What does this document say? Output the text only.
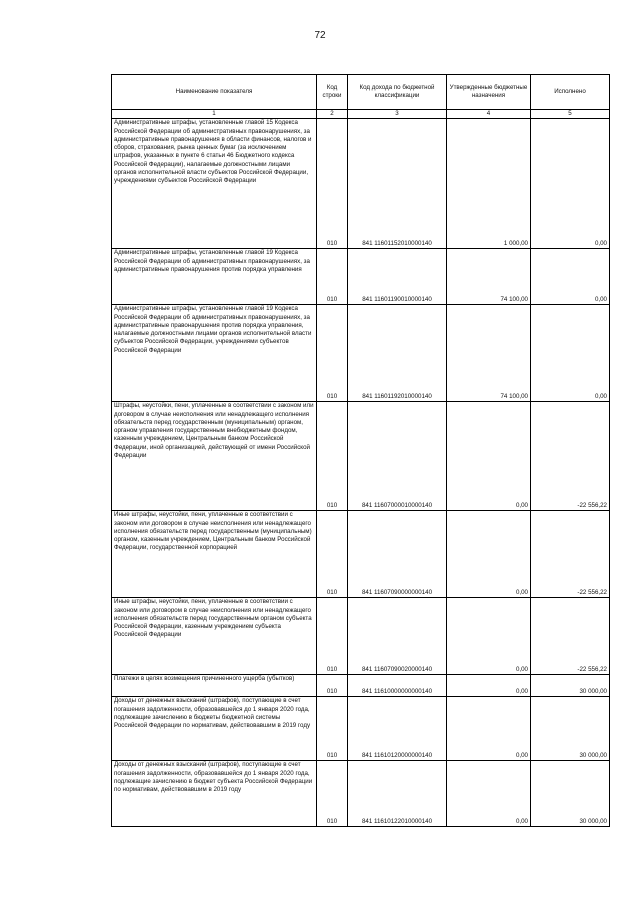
72
Наименование показателя	Код строки	Код дохода по бюджетной классификации	Утвержденные бюджетные назначения	Исполнено
1	2	3	4	5
Административные штрафы, установленные главой 15 Кодекса Российской Федерации об административных правонарушениях, за административные правонарушения в области финансов, налогов и сборов, страхования, рынка ценных бумаг (за исключением штрафов, указанных в пункте 6 статьи 46 Бюджетного кодекса Российской Федерации), налагаемые должностными лицами органов исполнительной власти субъектов Российской Федерации, учреждениями субъектов Российской Федерации	010	841 11601152010000140	1 000,00	0,00
Административные штрафы, установленные главой 19 Кодекса Российской Федерации об административных правонарушениях, за административные правонарушения против порядка управления	010	841 11601190010000140	74 100,00	0,00
Административные штрафы, установленные главой 19 Кодекса Российской Федерации об административных правонарушениях, за административные правонарушения против порядка управления, налагаемые должностными лицами органов исполнительной власти субъектов Российской Федерации, учреждениями субъектов Российской Федерации	010	841 11601192010000140	74 100,00	0,00
Штрафы, неустойки, пени, уплаченные в соответствии с законом или договором в случае неисполнения или ненадлежащего исполнения обязательств перед государственным (муниципальным) органом, органом управления государственным внебюджетным фондом, казенным учреждением, Центральным банком Российской Федерации, иной организацией, действующей от имени Российской Федерации	010	841 11607000010000140	0,00	-22 556,22
Иные штрафы, неустойки, пени, уплаченные в соответствии с законом или договором в случае неисполнения или ненадлежащего исполнения обязательств перед государственным (муниципальным) органом, казенным учреждением, Центральным банком Российской Федерации, государственной корпорацией	010	841 11607090000000140	0,00	-22 556,22
Иные штрафы, неустойки, пени, уплаченные в соответствии с законом или договором в случае неисполнения или ненадлежащего исполнения обязательств перед государственным органом субъекта Российской Федерации, казенным учреждением субъекта Российской Федерации	010	841 11607090020000140	0,00	-22 556,22
Платежи в целях возмещения причиненного ущерба (убытков)	010	841 11610000000000140	0,00	30 000,00
Доходы от денежных взысканий (штрафов), поступающие в счет погашения задолженности, образовавшейся до 1 января 2020 года, подлежащие зачислению в бюджеты бюджетной системы Российской Федерации по нормативам, действовавшим в 2019 году	010	841 11610120000000140	0,00	30 000,00
Доходы от денежных взысканий (штрафов), поступающие в счет погашения задолженности, образовавшейся до 1 января 2020 года, подлежащие зачислению в бюджет субъекта Российской Федерации по нормативам, действовавшим в 2019 году	010	841 11610122010000140	0,00	30 000,00
